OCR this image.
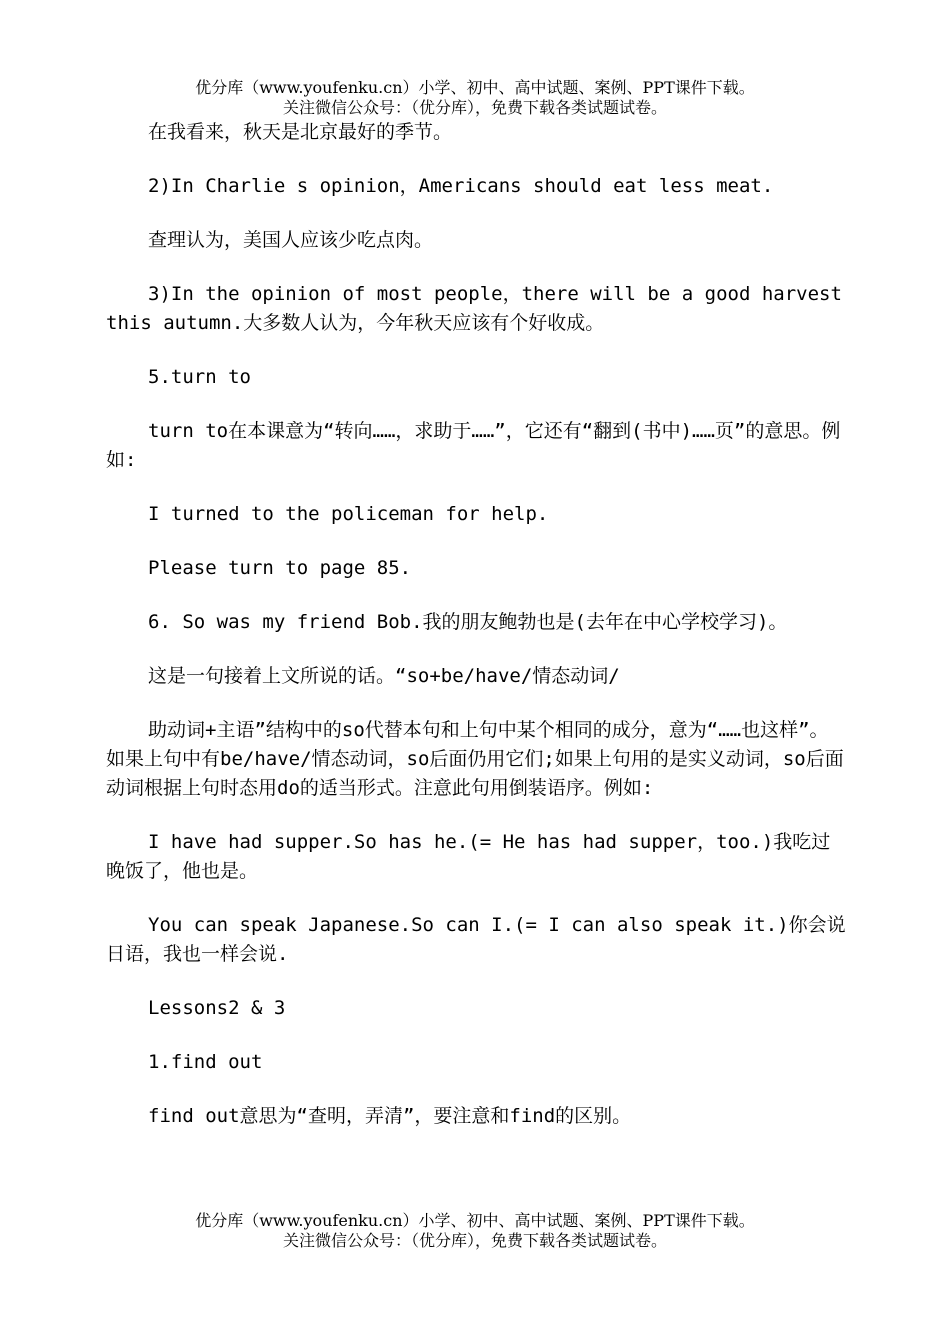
优分库（www.youfenku.cn）小学、初中、高中试题、案例、PPT课件下载。
关注微信公众号：（优分库），免费下载各类试题试卷。

在我看来，秋天是北京最好的季节。

2)In Charlie s opinion，Americans should eat less meat.

查理认为，美国人应该少吃点肉。

3)In the opinion of most people，there will be a good harvest this autumn.大多数人认为，今年秋天应该有个好收成。

5.turn to

turn to在本课意为“转向……，求助于……”，它还有“翻到(书中)……页”的意思。例如:

I turned to the policeman for help.

Please turn to page 85.

6. So was my friend Bob.我的朋友鲍勃也是(去年在中心学校学习)。

这是一句接着上文所说的话。“so+be/have/情态动词/

助动词+主语”结构中的so代替本句和上句中某个相同的成分，意为“……也这样”。如果上句中有be/have/情态动词，so后面仍用它们;如果上句用的是实义动词，so后面动词根据上句时态用do的适当形式。注意此句用倒装语序。例如:

I have had supper.So has he.(= He has had supper，too.)我吃过晚饭了，他也是。

You can speak Japanese.So can I.(= I can also speak it.)你会说日语，我也一样会说.

Lessons2 & 3

1.find out

find out意思为“查明，弄清”，要注意和find的区别。

优分库（www.youfenku.cn）小学、初中、高中试题、案例、PPT课件下载。
关注微信公众号：（优分库），免费下载各类试题试卷。
